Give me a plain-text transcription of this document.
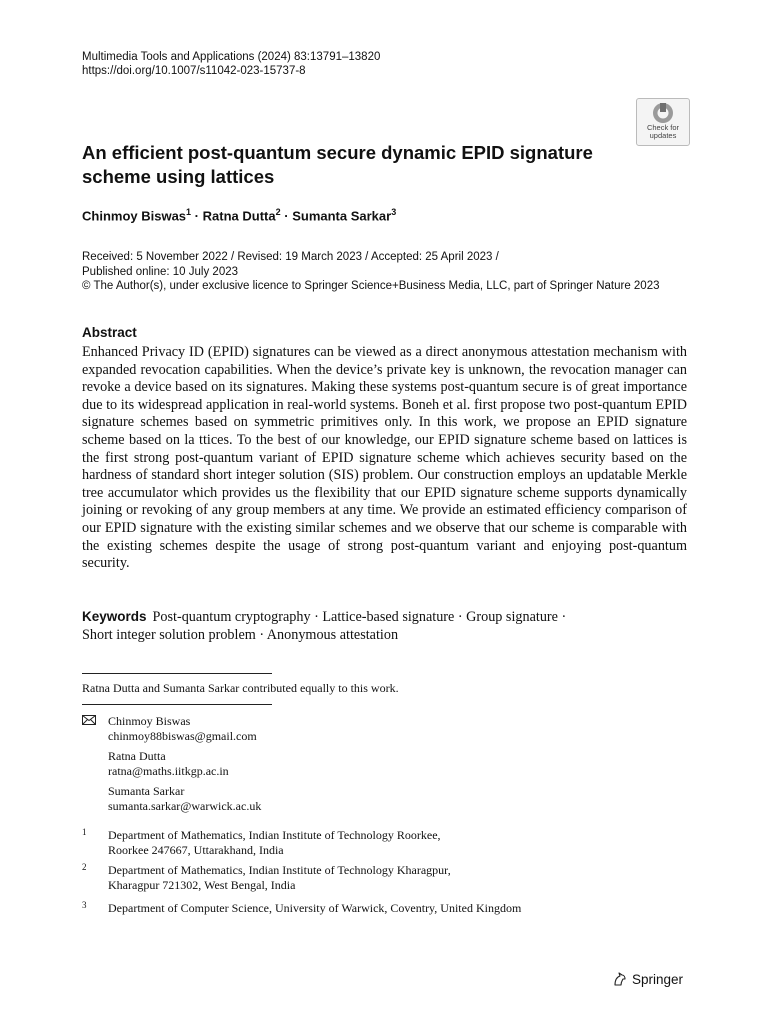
Multimedia Tools and Applications (2024) 83:13791–13820
https://doi.org/10.1007/s11042-023-15737-8
Check for
updates
An efficient post-quantum secure dynamic EPID signature scheme using lattices
Chinmoy Biswas$^1$ · Ratna Dutta$^2$ · Sumanta Sarkar$^3$
Received: 5 November 2022 / Revised: 19 March 2023 / Accepted: 25 April 2023 /
Published online: 10 July 2023
© The Author(s), under exclusive licence to Springer Science+Business Media, LLC, part of Springer Nature 2023
Abstract

Enhanced Privacy ID (EPID) signatures can be viewed as a direct anonymous attestation mechanism with expanded revocation capabilities. When the device’s private key is unknown, the revocation manager can revoke a device based on its signatures. Making these systems post-quantum secure is of great importance due to its widespread application in real-world systems. Boneh et al. first propose two post-quantum EPID signature schemes based on symmetric primitives only. In this work, we propose an EPID signature scheme based on la ttices. To the best of our knowledge, our EPID signature scheme based on lattices is the first strong post-quantum variant of EPID signature scheme which achieves security based on the hardness of standard short integer solution (SIS) problem. Our construction employs an updatable Merkle tree accumulator which provides us the flexibility that our EPID signature scheme supports dynamically joining or revoking of any group members at any time. We provide an estimated efficiency comparison of our EPID signature with the existing similar schemes and we observe that our scheme is comparable with the existing schemes despite the usage of strong post-quantum variant and enjoying post-quantum security.

Keywords Post-quantum cryptography · Lattice-based signature · Group signature ·
Short integer solution problem · Anonymous attestation
Ratna Dutta and Sumanta Sarkar contributed equally to this work.
Chinmoy Biswas
chinmoy88biswas@gmail.com
Ratna Dutta
ratna@maths.iitkgp.ac.in
Sumanta Sarkar
sumanta.sarkar@warwick.ac.uk
1 Department of Mathematics, Indian Institute of Technology Roorkee,
Roorkee 247667, Uttarakhand, India
2 Department of Mathematics, Indian Institute of Technology Kharagpur,
Kharagpur 721302, West Bengal, India
3 Department of Computer Science, University of Warwick, Coventry, United Kingdom
Springer
